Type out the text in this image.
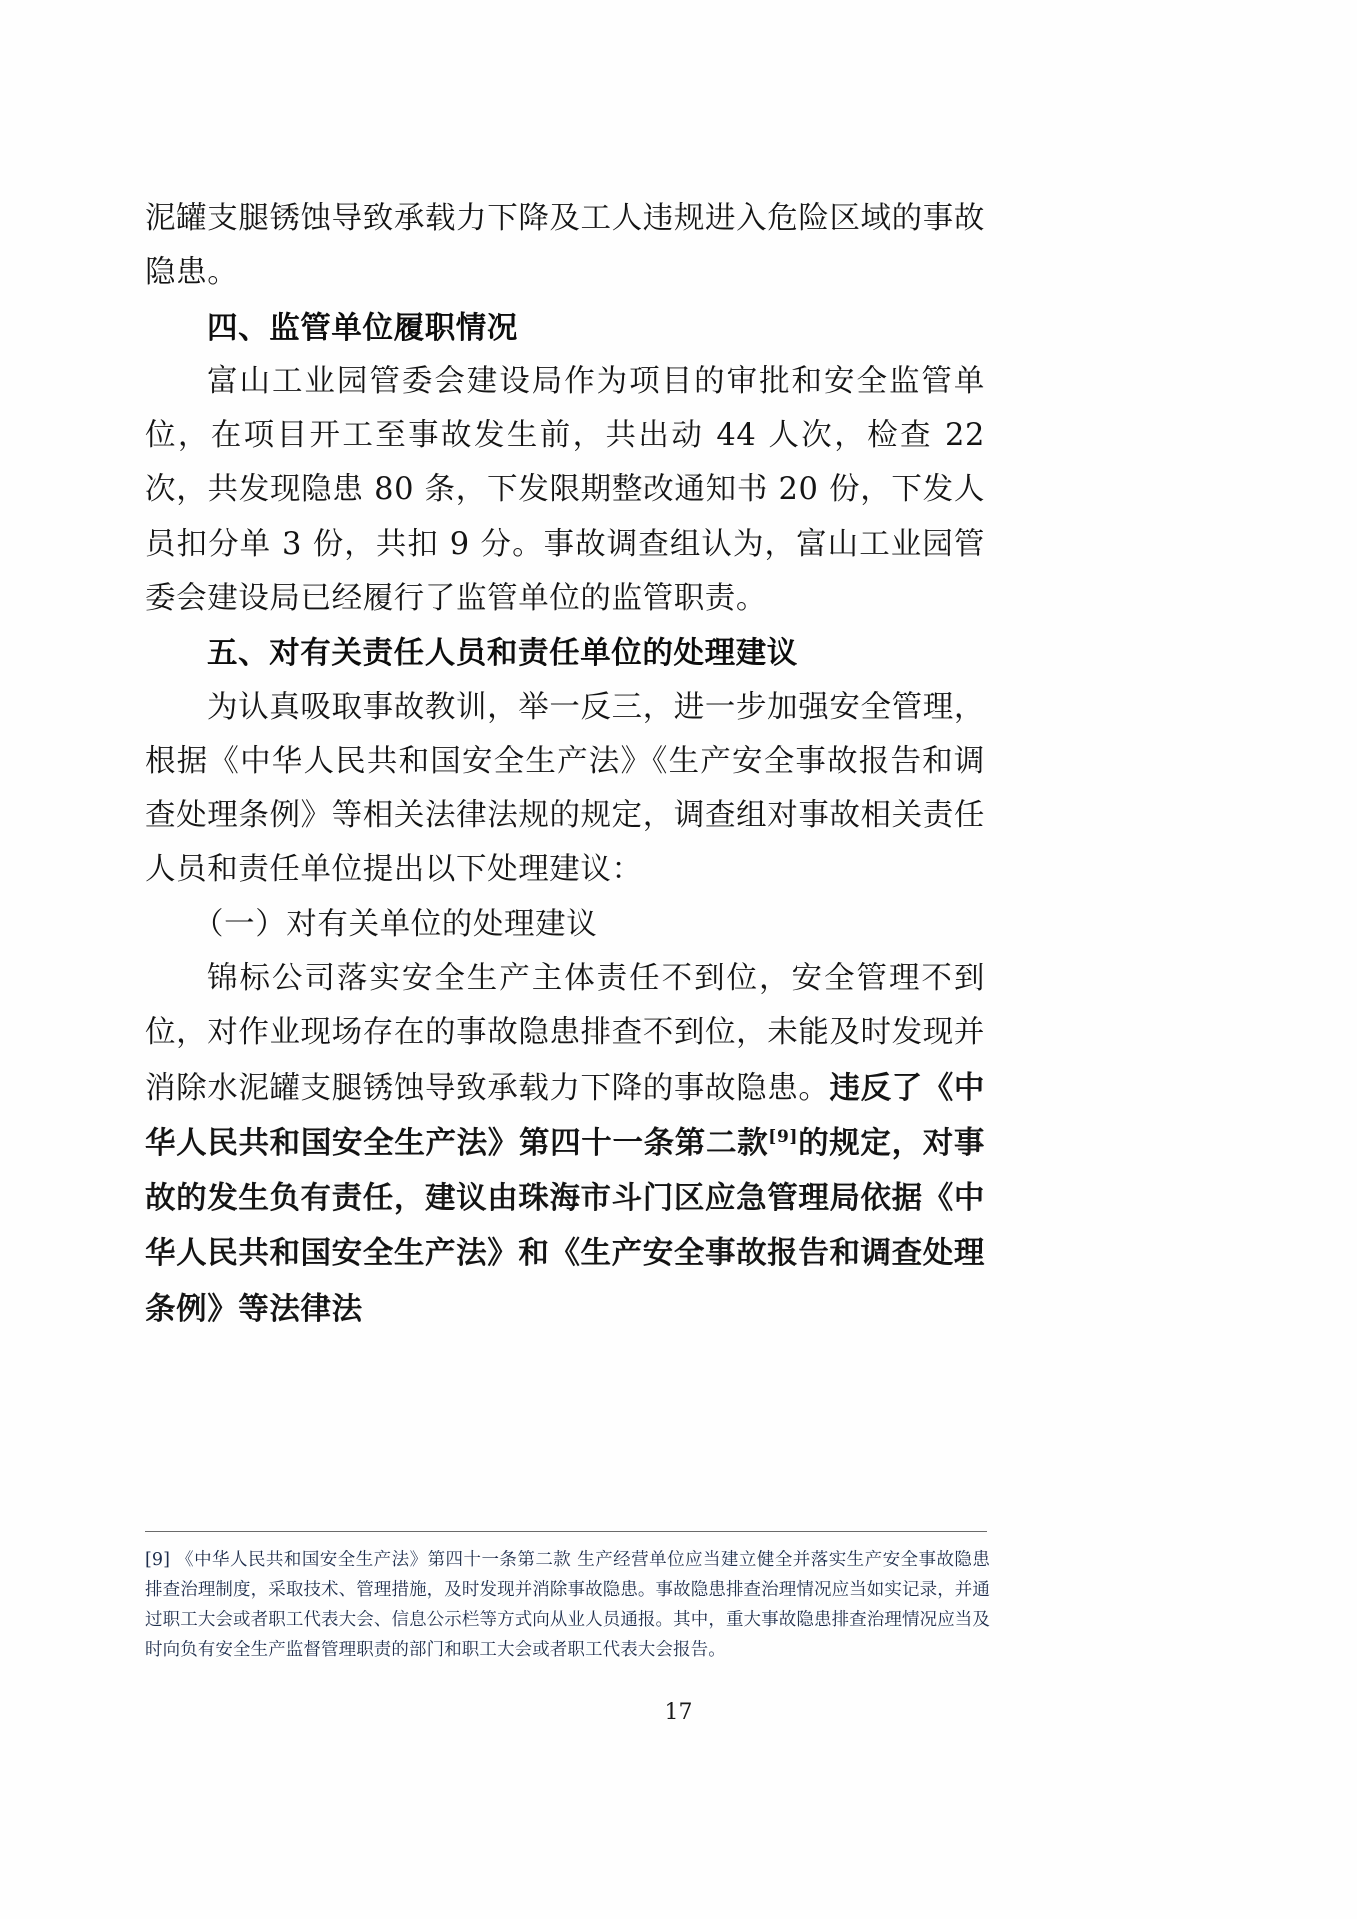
泥罐支腿锈蚀导致承载力下降及工人违规进入危险区域的事故隐患。

四、监管单位履职情况

富山工业园管委会建设局作为项目的审批和安全监管单位，在项目开工至事故发生前，共出动 44 人次，检查 22 次，共发现隐患 80 条，下发限期整改通知书 20 份，下发人员扣分单 3 份，共扣 9 分。事故调查组认为，富山工业园管委会建设局已经履行了监管单位的监管职责。

五、对有关责任人员和责任单位的处理建议

为认真吸取事故教训，举一反三，进一步加强安全管理，根据《中华人民共和国安全生产法》《生产安全事故报告和调查处理条例》等相关法律法规的规定，调查组对事故相关责任人员和责任单位提出以下处理建议：

（一）对有关单位的处理建议

锦标公司落实安全生产主体责任不到位，安全管理不到位，对作业现场存在的事故隐患排查不到位，未能及时发现并消除水泥罐支腿锈蚀导致承载力下降的事故隐患。违反了《中华人民共和国安全生产法》第四十一条第二款[9]的规定，对事故的发生负有责任，建议由珠海市斗门区应急管理局依据《中华人民共和国安全生产法》和《生产安全事故报告和调查处理条例》等法律法

[9] 《中华人民共和国安全生产法》第四十一条第二款 生产经营单位应当建立健全并落实生产安全事故隐患排查治理制度，采取技术、管理措施，及时发现并消除事故隐患。事故隐患排查治理情况应当如实记录，并通过职工大会或者职工代表大会、信息公示栏等方式向从业人员通报。其中，重大事故隐患排查治理情况应当及时向负有安全生产监督管理职责的部门和职工大会或者职工代表大会报告。
17
